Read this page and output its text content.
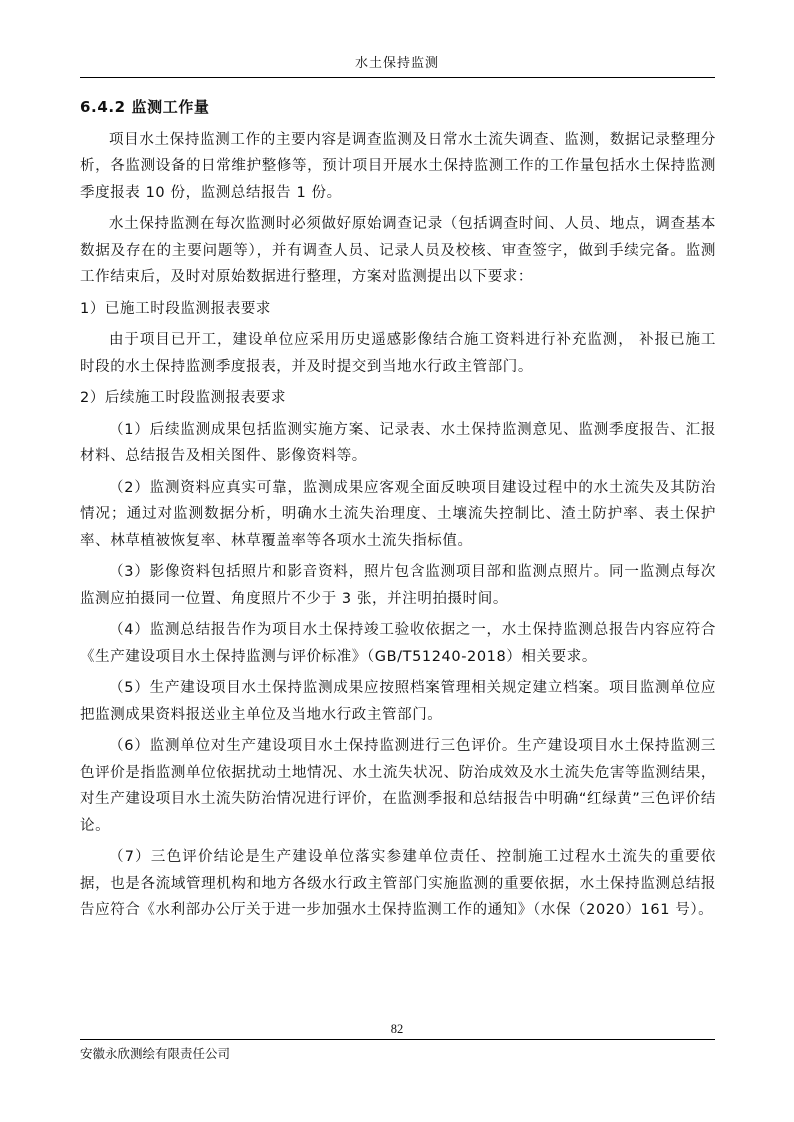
水土保持监测
6.4.2 监测工作量

项目水土保持监测工作的主要内容是调查监测及日常水土流失调查、监测，数据记录整理分析，各监测设备的日常维护整修等，预计项目开展水土保持监测工作的工作量包括水土保持监测季度报表 10 份，监测总结报告 1 份。

水土保持监测在每次监测时必须做好原始调查记录（包括调查时间、人员、地点，调查基本数据及存在的主要问题等），并有调查人员、记录人员及校核、审查签字，做到手续完备。监测工作结束后，及时对原始数据进行整理，方案对监测提出以下要求：

1）已施工时段监测报表要求

由于项目已开工，建设单位应采用历史遥感影像结合施工资料进行补充监测， 补报已施工时段的水土保持监测季度报表，并及时提交到当地水行政主管部门。

2）后续施工时段监测报表要求

（1）后续监测成果包括监测实施方案、记录表、水土保持监测意见、监测季度报告、汇报材料、总结报告及相关图件、影像资料等。

（2）监测资料应真实可靠，监测成果应客观全面反映项目建设过程中的水土流失及其防治情况；通过对监测数据分析，明确水土流失治理度、土壤流失控制比、渣土防护率、表土保护率、林草植被恢复率、林草覆盖率等各项水土流失指标值。

（3）影像资料包括照片和影音资料，照片包含监测项目部和监测点照片。同一监测点每次监测应拍摄同一位置、角度照片不少于 3 张，并注明拍摄时间。

（4）监测总结报告作为项目水土保持竣工验收依据之一，水土保持监测总报告内容应符合《生产建设项目水土保持监测与评价标准》（GB/T51240-2018）相关要求。

（5）生产建设项目水土保持监测成果应按照档案管理相关规定建立档案。项目监测单位应把监测成果资料报送业主单位及当地水行政主管部门。

（6）监测单位对生产建设项目水土保持监测进行三色评价。生产建设项目水土保持监测三色评价是指监测单位依据扰动土地情况、水土流失状况、防治成效及水土流失危害等监测结果，对生产建设项目水土流失防治情况进行评价，在监测季报和总结报告中明确“红绿黄”三色评价结论。

（7）三色评价结论是生产建设单位落实参建单位责任、控制施工过程水土流失的重要依据，也是各流域管理机构和地方各级水行政主管部门实施监测的重要依据，水土保持监测总结报告应符合《水利部办公厅关于进一步加强水土保持监测工作的通知》（水保（2020）161 号）。

82
安徽永欣测绘有限责任公司
